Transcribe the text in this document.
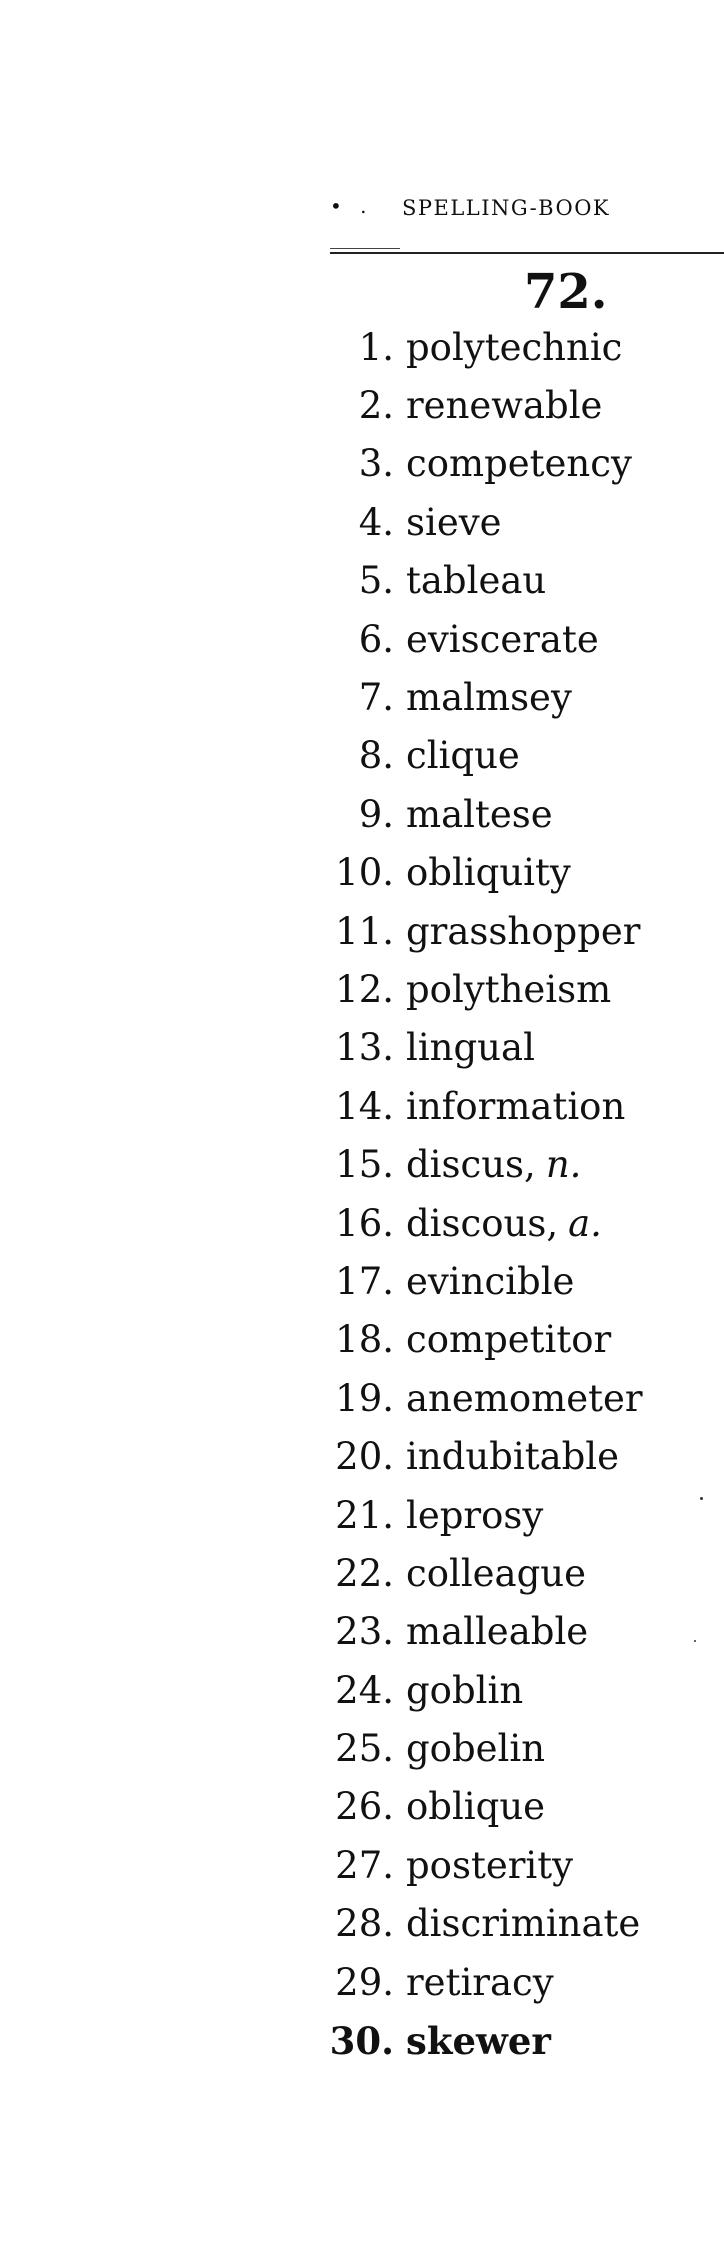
• . SPELLING-BOOK
72.
1. polytechnic
2. renewable
3. competency
4. sieve
5. tableau
6. eviscerate
7. malmsey
8. clique
9. maltese
10. obliquity
11. grasshopper
12. polytheism
13. lingual
14. information
15. discus, n.
16. discous, a.
17. evincible
18. competitor
19. anemometer
20. indubitable
21. leprosy
22. colleague
23. malleable
24. goblin
25. gobelin
26. oblique
27. posterity
28. discriminate
29. retiracy
30. skewer
